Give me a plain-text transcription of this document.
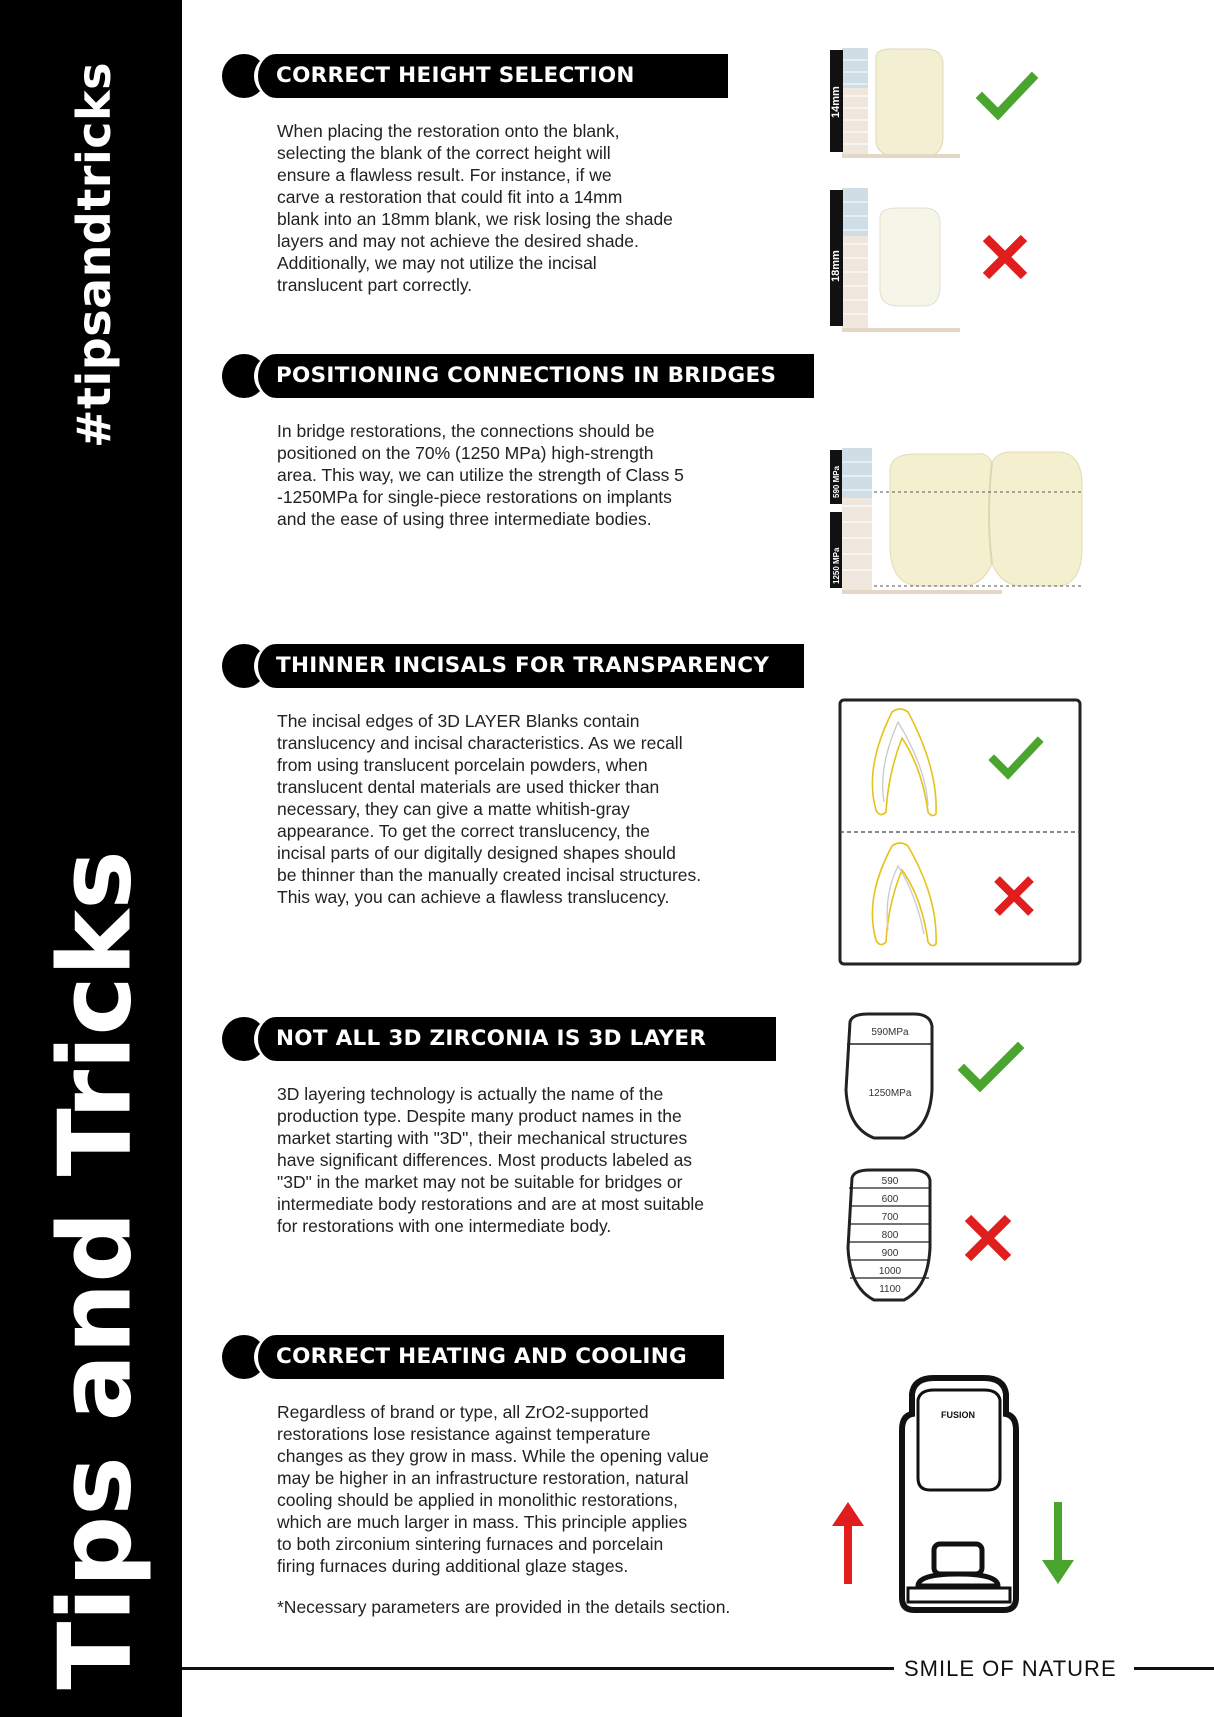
#tipsandtricks
Tips and Tricks
CORRECT HEIGHT SELECTION
When placing the restoration onto the blank,
selecting the blank of the correct height will
ensure a flawless result. For instance, if we
carve a restoration that could fit into a 14mm
blank into an 18mm blank, we risk losing the shade
layers and may not achieve the desired shade.
Additionally, we may not utilize the incisal
translucent part correctly.
POSITIONING CONNECTIONS IN BRIDGES
In bridge restorations, the connections should be
positioned on the 70% (1250 MPa) high-strength
area. This way, we can utilize the strength of Class 5
-1250MPa for single-piece restorations on implants
and the ease of using three intermediate bodies.
THINNER INCISALS FOR TRANSPARENCY
The incisal edges of 3D LAYER Blanks contain
translucency and incisal characteristics. As we recall
from using translucent porcelain powders, when
translucent dental materials are used thicker than
necessary, they can give a matte whitish-gray
appearance. To get the correct translucency, the
incisal parts of our digitally designed shapes should
be thinner than the manually created incisal structures.
This way, you can achieve a flawless translucency.
NOT ALL 3D ZIRCONIA IS 3D LAYER
3D layering technology is actually the name of the
production type. Despite many product names in the
market starting with "3D", their mechanical structures
have significant differences. Most products labeled as
"3D" in the market may not be suitable for bridges or
intermediate body restorations and are at most suitable
for restorations with one intermediate body.
CORRECT HEATING AND COOLING
Regardless of brand or type, all ZrO2-supported
restorations lose resistance against temperature
changes as they grow in mass. While the opening value
may be higher in an infrastructure restoration, natural
cooling should be applied in monolithic restorations,
which are much larger in mass. This principle applies
to both zirconium sintering furnaces and porcelain
firing furnaces during additional glaze stages.
*Necessary parameters are provided in the details section.
14mm
18mm
590 MPa
1250 MPa
590MPa
1250MPa
590
600
700
800
900
1000
1100
FUSION
SMILE OF NATURE
